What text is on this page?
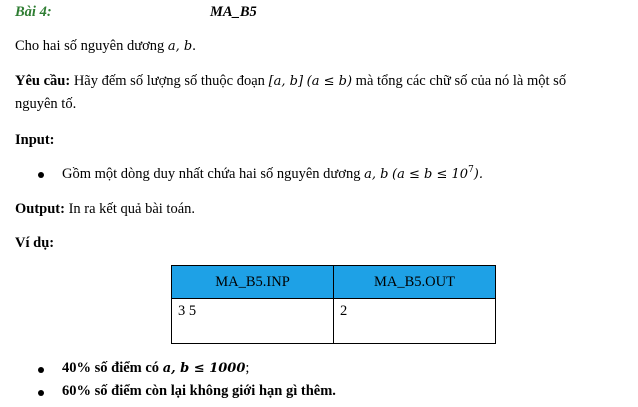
Bài 4:	MA_B5
Cho hai số nguyên dương a, b.
Yêu cầu: Hãy đếm số lượng số thuộc đoạn [a, b] (a ≤ b) mà tổng các chữ số của nó là một số
nguyên tố.
Input:
Gồm một dòng duy nhất chứa hai số nguyên dương a, b $(a \le b \le 10^7)$.
Output: In ra kết quả bài toán.
Ví dụ:
MA_B5.INP	MA_B5.OUT
3 5	2
40% số điểm có a, b ≤ 1000;
60% số điểm còn lại không giới hạn gì thêm.
